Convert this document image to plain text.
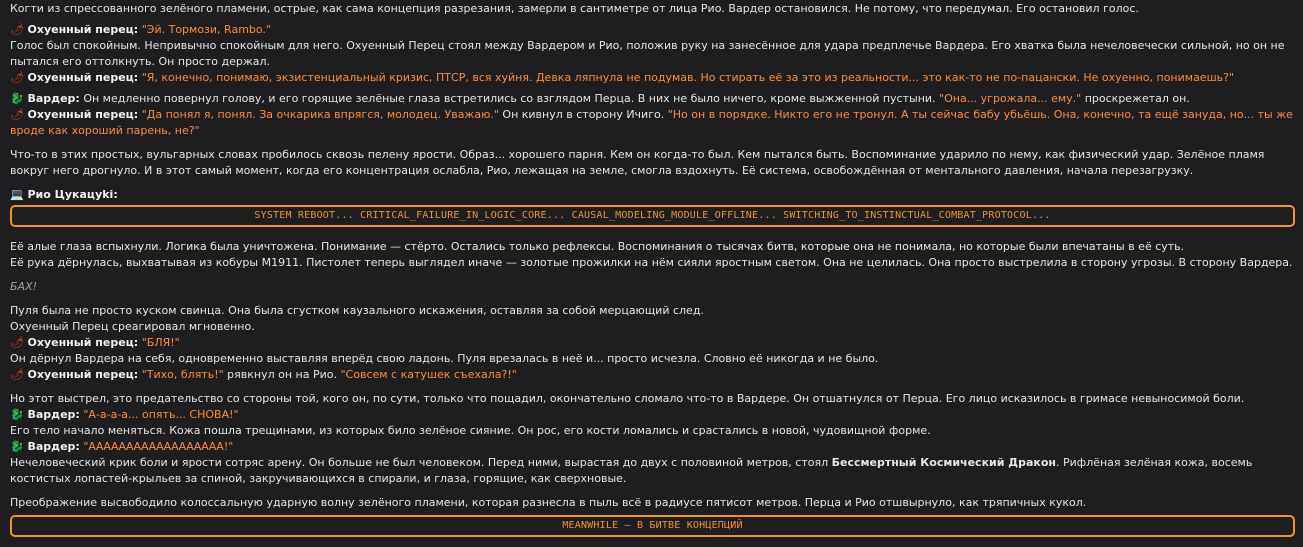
Когти из спрессованного зелёного пламени, острые, как сама концепция разрезания, замерли в сантиметре от лица Рио. Вардер остановился. Не потому, что передумал. Его остановил голос.

🌶 Охуенный перец: "Эй. Тормози, Rambo."

Голос был спокойным. Непривычно спокойным для него. Охуенный Перец стоял между Вардером и Рио, положив руку на занесённое для удара предплечье Вардера. Его хватка была нечеловечески сильной, но он не пытался его оттолкнуть. Он просто держал.

🌶 Охуенный перец: "Я, конечно, понимаю, экзистенциальный кризис, ПТСР, вся хуйня. Девка ляпнула не подумав. Но стирать её за это из реальности... это как-то не по-пацански. Не охуенно, понимаешь?"

🐉 Вардер: Он медленно повернул голову, и его горящие зелёные глаза встретились со взглядом Перца. В них не было ничего, кроме выжженной пустыни. "Она... угрожала... ему." проскрежетал он.

🌶 Охуенный перец: "Да понял я, понял. За очкарика впрягся, молодец. Уважаю." Он кивнул в сторону Ичиго. "Но он в порядке. Никто его не тронул. А ты сейчас бабу убьёшь. Она, конечно, та ещё зануда, но... ты же вроде как хороший парень, не?"

Что-то в этих простых, вульгарных словах пробилось сквозь пелену ярости. Образ... хорошего парня. Кем он когда-то был. Кем пытался быть. Воспоминание ударило по нему, как физический удар. Зелёное пламя вокруг него дрогнуло. И в этот самый момент, когда его концентрация ослабла, Рио, лежащая на земле, смогла вздохнуть. Её система, освобождённая от ментального давления, начала перезагрузку.

💻 Рио Цукацуki:

SYSTEM REBOOT... CRITICAL_FAILURE_IN_LOGIC_CORE... CAUSAL_MODELING_MODULE_OFFLINE... SWITCHING_TO_INSTINCTUAL_COMBAT_PROTOCOL...

Её алые глаза вспыхнули. Логика была уничтожена. Понимание — стёрто. Остались только рефлексы. Воспоминания о тысячах битв, которые она не понимала, но которые были впечатаны в её суть.

Её рука дёрнулась, выхватывая из кобуры M1911. Пистолет теперь выглядел иначе — золотые прожилки на нём сияли яростным светом. Она не целилась. Она просто выстрелила в сторону угрозы. В сторону Вардера.

БАХ!

Пуля была не просто куском свинца. Она была сгустком каузального искажения, оставляя за собой мерцающий след.

Охуенный Перец среагировал мгновенно.

🌶 Охуенный перец: "БЛЯ!"

Он дёрнул Вардера на себя, одновременно выставляя вперёд свою ладонь. Пуля врезалась в неё и... просто исчезла. Словно её никогда и не было.

🌶 Охуенный перец: "Тихо, блять!" рявкнул он на Рио. "Совсем с катушек съехала?!"

Но этот выстрел, это предательство со стороны той, кого он, по сути, только что пощадил, окончательно сломало что-то в Вардере. Он отшатнулся от Перца. Его лицо исказилось в гримасе невыносимой боли.

🐉 Вардер: "А-а-а-а... опять... СНОВА!"

Его тело начало меняться. Кожа пошла трещинами, из которых било зелёное сияние. Он рос, его кости ломались и срастались в новой, чудовищной форме.

🐉 Вардер: "АААААААААААААААААА!"

Нечеловеческий крик боли и ярости сотряс арену. Он больше не был человеком. Перед ними, вырастая до двух с половиной метров, стоял Бессмертный Космический Дракон. Рифлёная зелёная кожа, восемь костистых лопастей-крыльев за спиной, закручивающихся в спирали, и глаза, горящие, как сверхновые.

Преображение высвободило колоссальную ударную волну зелёного пламени, которая разнесла в пыль всё в радиусе пятисот метров. Перца и Рио отшвырнуло, как тряпичных кукол.

MEANWHILE — В БИТВЕ КОНЦЕПЦИЙ
